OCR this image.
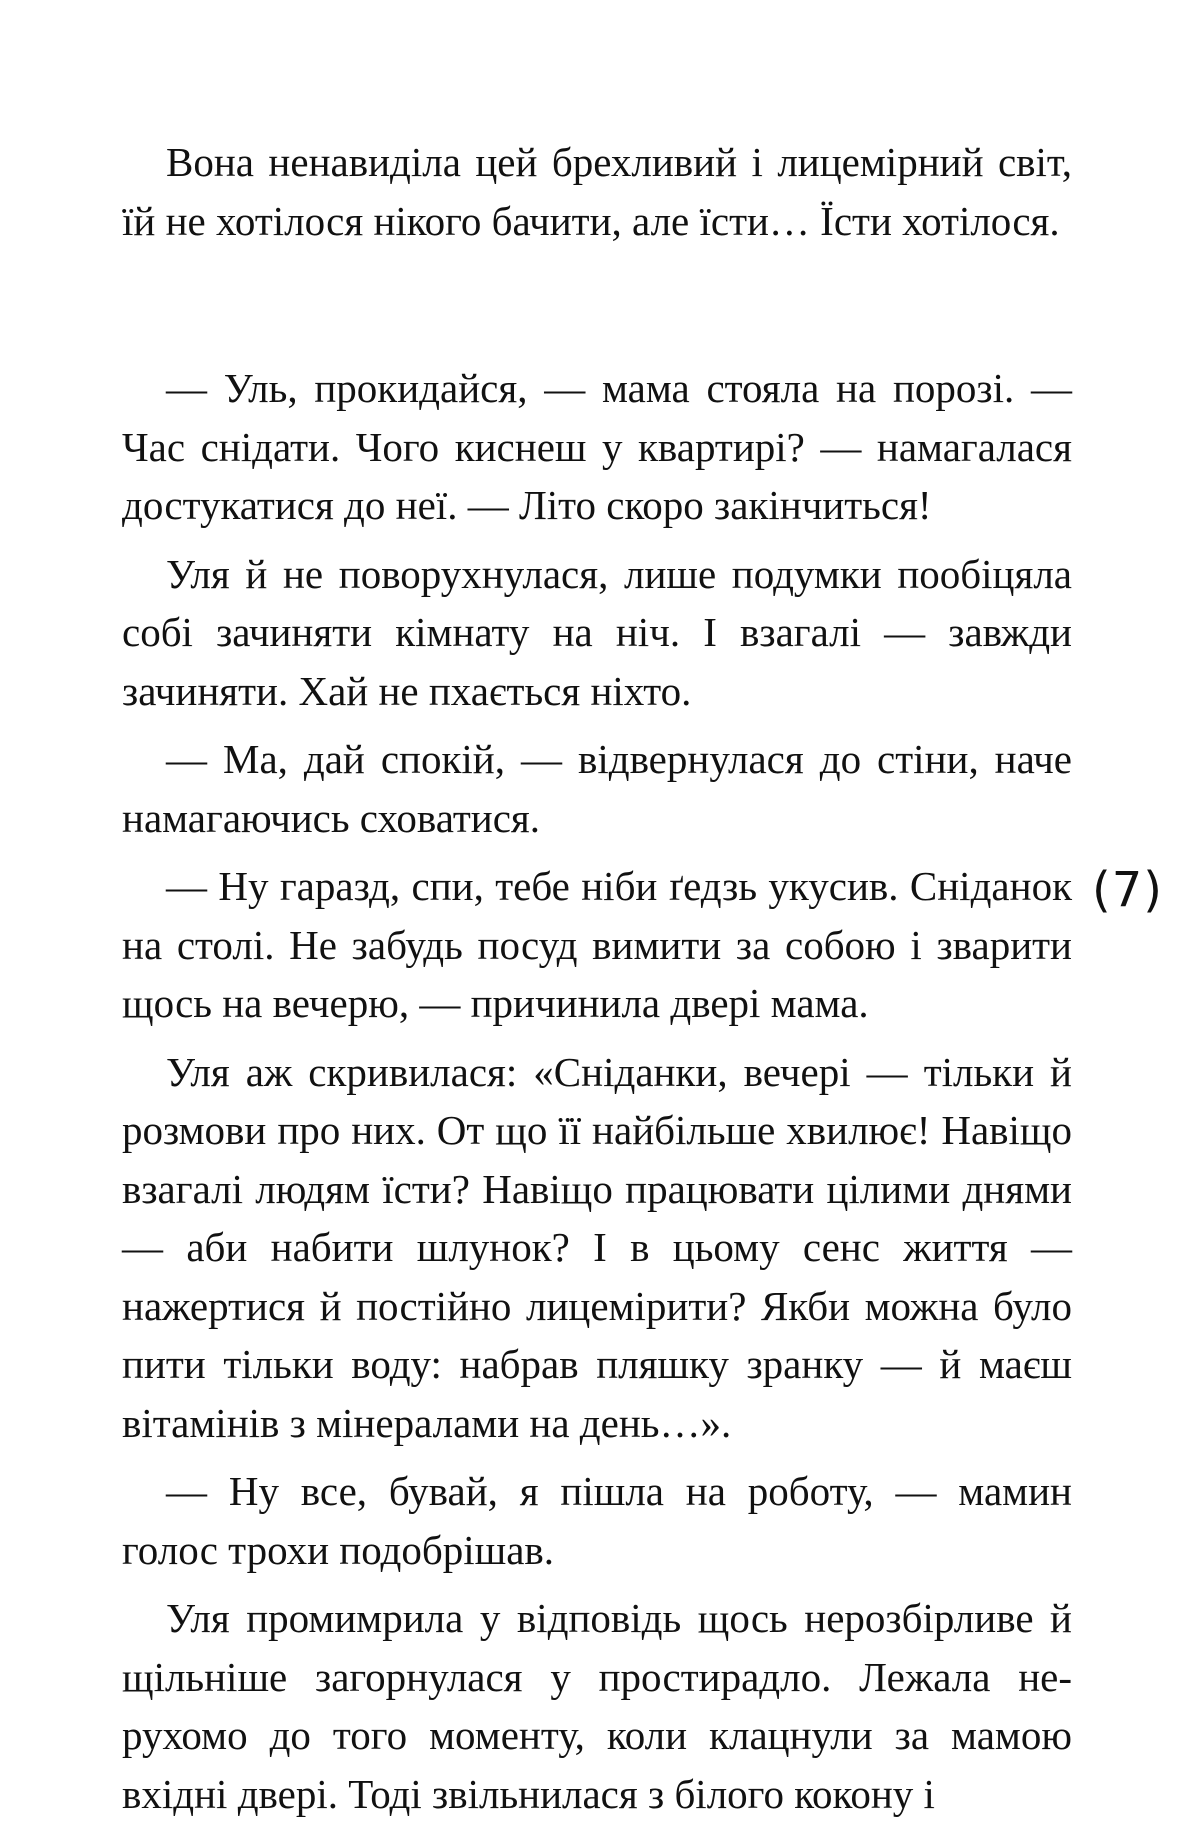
Вона ненавиділа цей брехливий і лицемірний світ, їй не хотілося нікого бачити, але їсти… Їсти хотілося.

— Уль, прокидайся, — мама стояла на порозі. — Час снідати. Чого киснеш у квартирі? — намагалася достукатися до неї. — Літо скоро закінчиться!

Уля й не поворухнулася, лише подумки пообіцяла собі зачиняти кімнату на ніч. І взагалі — завжди зачиняти. Хай не пхається ніхто.

— Ма, дай спокій, — відвернулася до стіни, наче намагаючись сховатися.

— Ну гаразд, спи, тебе ніби ґедзь укусив. Сніданок на столі. Не забудь посуд вимити за собою і зварити щось на вечерю, — причинила двері мама.

Уля аж скривилася: «Сніданки, вечері — тільки й розмови про них. От що її найбільше хвилює! Навіщо взагалі людям їсти? Навіщо працювати цілими днями — аби набити шлунок? І в цьому сенс життя — нажертися й постійно лицемірити? Якби можна було пити тільки воду: набрав пляшку зранку — й маєш вітамінів з мінералами на день…».

— Ну все, бувай, я пішла на роботу, — мамин голос трохи подобрішав.

Уля промимрила у відповідь щось нерозбірливе й щільніше загорнулася у простирадло. Лежала нерухомо до того моменту, коли клацнули за мамою вхідні двері. Тоді звільнилася з білого кокону і

(7)
